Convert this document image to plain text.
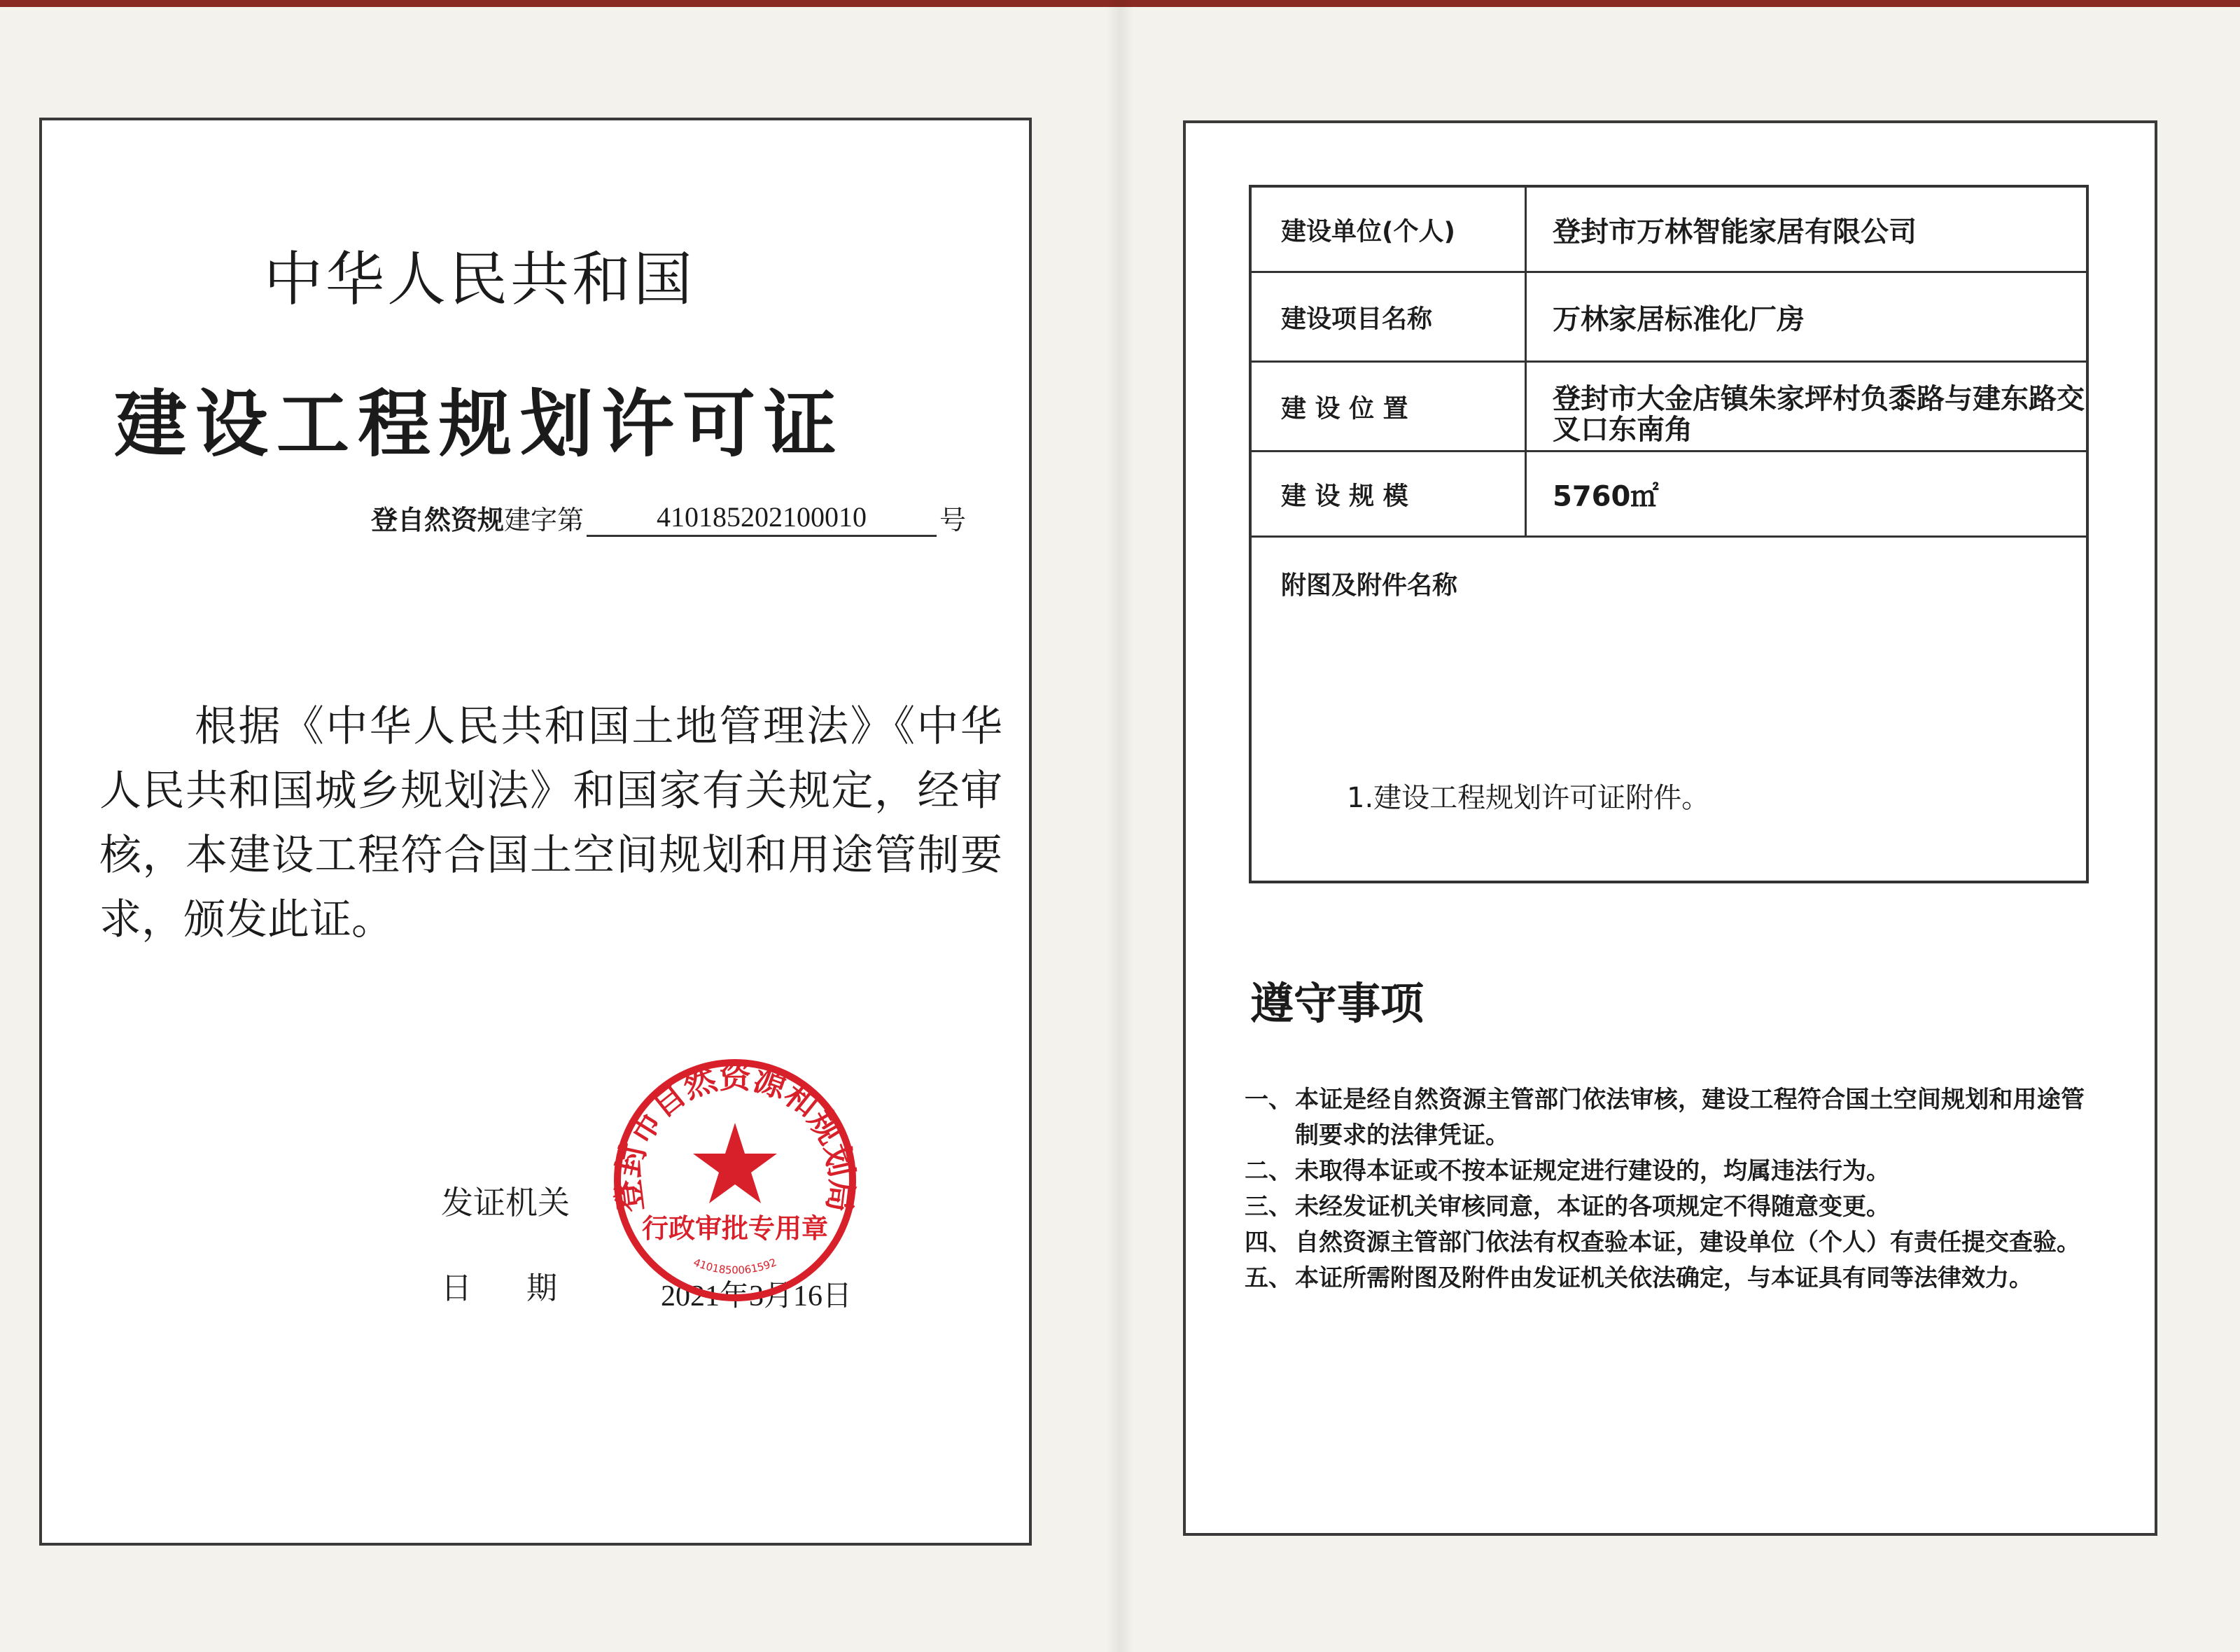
中华人民共和国
建设工程规划许可证
登自然资规 建字第	410185202100010	号

根据《中华人民共和国土地管理法》《中华人民共和国城乡规划法》和国家有关规定，经审核，本建设工程符合国土空间规划和用途管制要求，颁发此证。

发证机关
日期 2021年3月16日
登封市自然资源和规划局
行政审批专用章
4101850061592
建设单位(个人)	登封市万林智能家居有限公司
建设项目名称	万林家居标准化厂房
建 设 位 置	登封市大金店镇朱家坪村负黍路与建东路交叉口东南角
建 设 规 模	5760㎡
附图及附件名称
1.建设工程规划许可证附件。
遵守事项
一、 本证是经自然资源主管部门依法审核，建设工程符合国土空间规划和用途管制要求的法律凭证。
二、 未取得本证或不按本证规定进行建设的，均属违法行为。
三、 未经发证机关审核同意，本证的各项规定不得随意变更。
四、 自然资源主管部门依法有权查验本证，建设单位（个人）有责任提交查验。
五、 本证所需附图及附件由发证机关依法确定，与本证具有同等法律效力。
